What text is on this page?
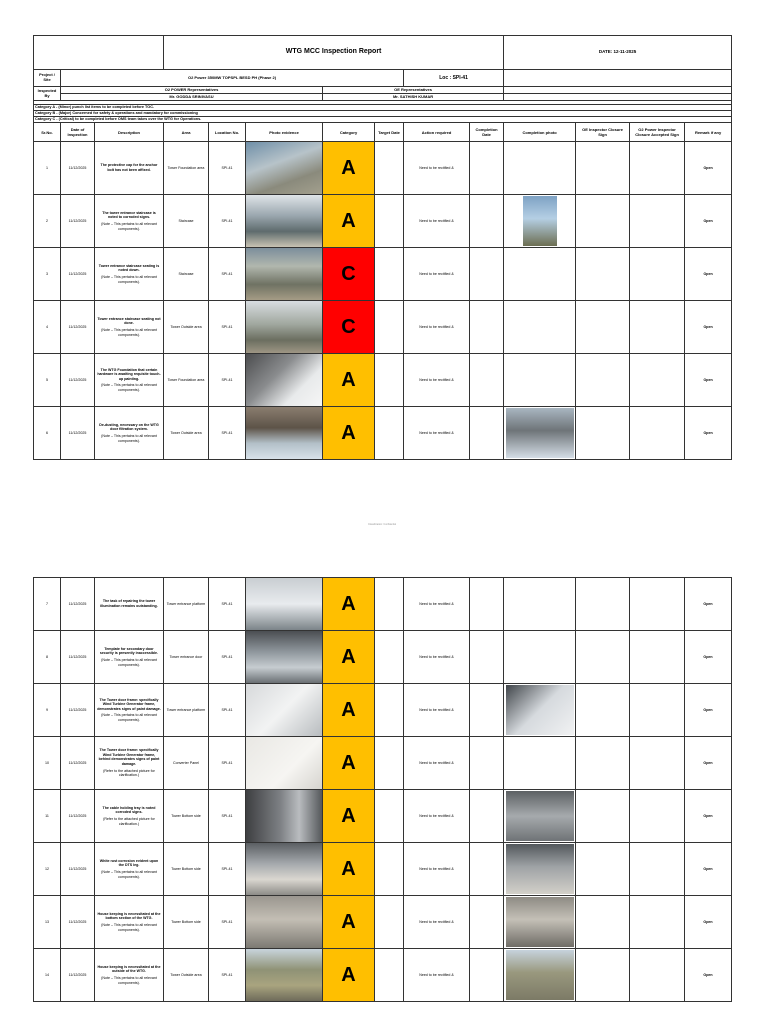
			WTG MCC Inspection Report							DATE: 12-11-2025			
Project / Site	O2 Power 350MW TOPSPL BESD PH (Phase 2)							Loc : SPI-41					
Inspected By	O2 POWER Representatives					OE Representatives							
	Mr. GODDA SRINIVASU					Mr. SATHISH KUMAR							

Category A - (Minor) punch list items to be completed before TOC.													
Category B - (Major) Concerned for safety & operations and mandatory for commissioning													
Category C - (Critical) to be completed before OMS team takes over the WTG for Operations.													
Sr.No.	Date of Inspection	Description	Area	Location No.	Photo evidence	Category	Target Date	Action required	Completion Date	Completion photo	OE Inspector Closure Sign	O2 Power Inspector Closure Accepted Sign	Remark if any
1	11/12/2025	The protective cap for the anchor bolt has not been affixed.	Tower Foundation area	SPI-41		A		Need to be rectified &					Open
2	11/12/2025	The tower entrance staircase is noted to corroded signs.
(Note – This pertains to all relevant components).	Staircase	SPI-41		A		Need to be rectified &					Open
3	11/12/2025	Tower entrance staircase seating is noted down.
(Note – This pertains to all relevant components).	Staircase	SPI-41		C		Need to be rectified &					Open
4	11/12/2025	Tower entrance staircase seating not done.
(Note – This pertains to all relevant components).	Tower Outside area	SPI-41		C		Need to be rectified &					Open
5	11/12/2025	The WTG Foundation that certain hardware is awaiting requisite touch-up painting.
(Note – This pertains to all relevant components).	Tower Foundation area	SPI-41		A		Need to be rectified &					Open
6	11/12/2025	De-dusting, necessary on the WTG door filtration system.
(Note – This pertains to all relevant components).	Tower Outside area	SPI-41		A		Need to be rectified &					Open
Classification: Confidential
7	11/12/2025	The task of repairing the tower illumination remains outstanding.	Tower entrance platform	SPI-41		A		Need to be rectified &					Open
8	11/12/2025	Template for secondary door security is presently inaccessible.
(Note – This pertains to all relevant components).	Tower entrance door	SPI-41		A		Need to be rectified &					Open
9	11/12/2025	The Tower door frame: specifically Wind Turbine Generator frame, demonstrates signs of paint damage.
(Note – This pertains to all relevant components).	Tower entrance platform	SPI-41		A		Need to be rectified &					Open
10	11/12/2025	The Tower door frame: specifically Wind Turbine Generator frame, behind demonstrates signs of paint damage.
(Refer to the attached picture for clarification.)	Converter Panel	SPI-41		A		Need to be rectified &					Open
11	11/12/2025	The cable holding tray is noted corroded signs.
(Refer to the attached picture for clarification.)	Tower Bottom side	SPI-41		A		Need to be rectified &					Open
12	11/12/2025	White rust corrosion evident upon the DTS leg.
(Note – This pertains to all relevant components).	Tower Bottom side	SPI-41		A		Need to be rectified &					Open
13	11/12/2025	House keeping is necessitated at the bottom section of the WTG.
(Note – This pertains to all relevant components).	Tower Bottom side	SPI-41		A		Need to be rectified &					Open
14	11/12/2025	House keeping is necessitated at the outside of the WTG.
(Note – This pertains to all relevant components).	Tower Outside area	SPI-41		A		Need to be rectified &					Open
